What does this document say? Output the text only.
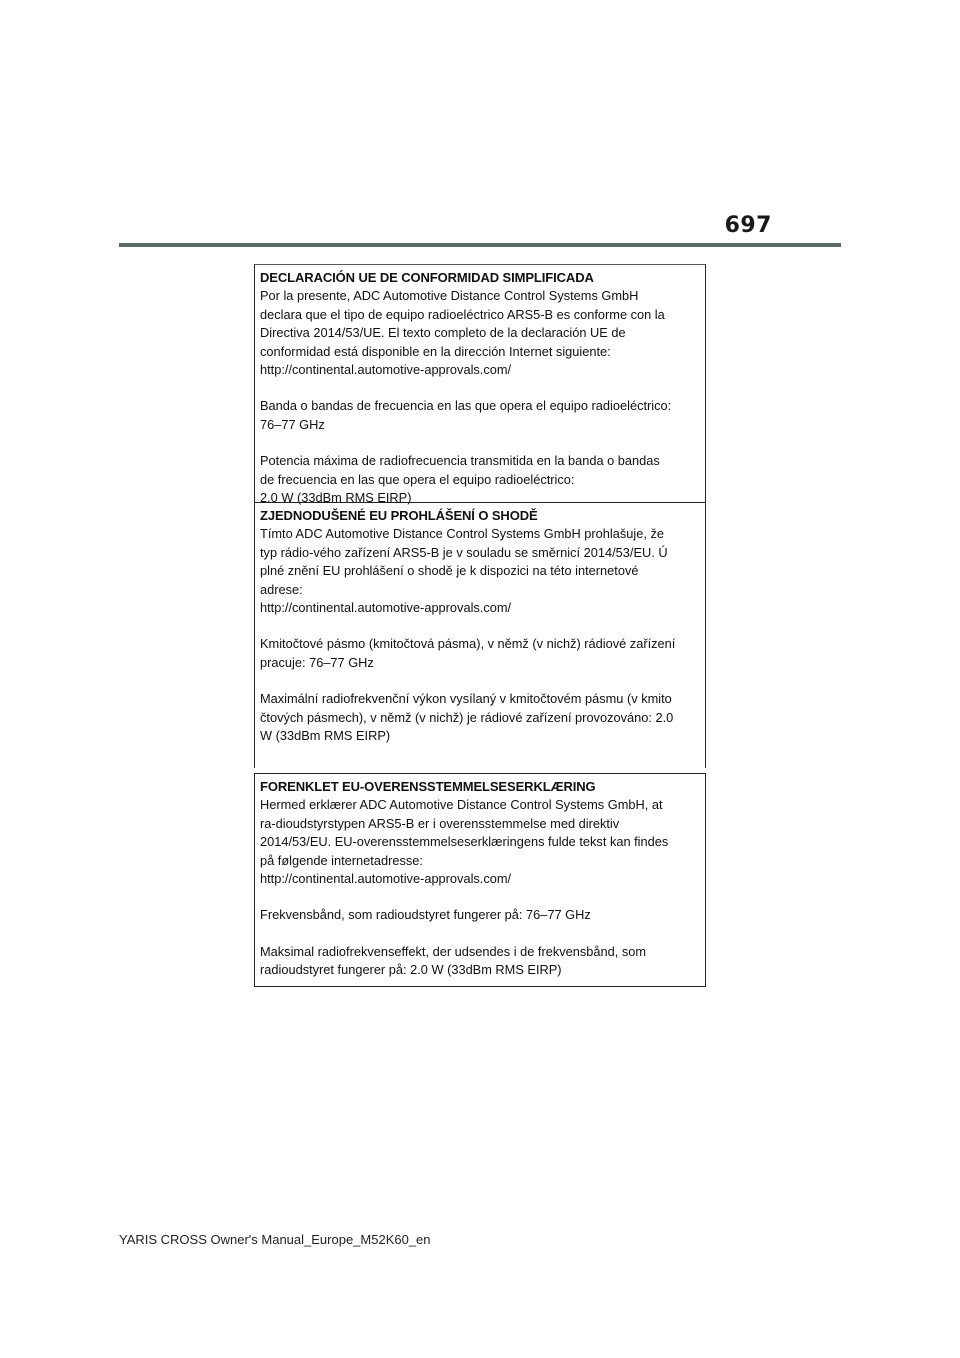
697
DECLARACIÓN UE DE CONFORMIDAD SIMPLIFICADA

Por la presente, ADC Automotive Distance Control Systems GmbH
declara que el tipo de equipo radioeléctrico ARS5-B es conforme con la
Directiva 2014/53/UE. El texto completo de la declaración UE de
conformidad está disponible en la dirección Internet siguiente:
http://continental.automotive-approvals.com/

Banda o bandas de frecuencia en las que opera el equipo radioeléctrico:
76–77 GHz

Potencia máxima de radiofrecuencia transmitida en la banda o bandas
de frecuencia en las que opera el equipo radioeléctrico:
2.0 W (33dBm RMS EIRP)

ZJEDNODUŠENÉ EU PROHLÁŠENÍ O SHODĚ

Tímto ADC Automotive Distance Control Systems GmbH prohlašuje, že
typ rádio-vého zařízení ARS5-B je v souladu se směrnicí 2014/53/EU. Ú
plné znění EU prohlášení o shodě je k dispozici na této internetové
adrese:
http://continental.automotive-approvals.com/

Kmitočtové pásmo (kmitočtová pásma), v němž (v nichž) rádiové zařízení
pracuje: 76–77 GHz

Maximální radiofrekvenční výkon vysílaný v kmitočtovém pásmu (v kmito
čtových pásmech), v němž (v nichž) je rádiové zařízení provozováno: 2.0
W (33dBm RMS EIRP)

FORENKLET EU-OVERENSSTEMMELSESERKLÆRING

Hermed erklærer ADC Automotive Distance Control Systems GmbH, at
ra-dioudstyrstypen ARS5-B er i overensstemmelse med direktiv
2014/53/EU. EU-overensstemmelseserklæringens fulde tekst kan findes
på følgende internetadresse:
http://continental.automotive-approvals.com/

Frekvensbånd, som radioudstyret fungerer på: 76–77 GHz

Maksimal radiofrekvenseffekt, der udsendes i de frekvensbånd, som
radioudstyret fungerer på: 2.0 W (33dBm RMS EIRP)

YARIS CROSS Owner's Manual_Europe_M52K60_en
